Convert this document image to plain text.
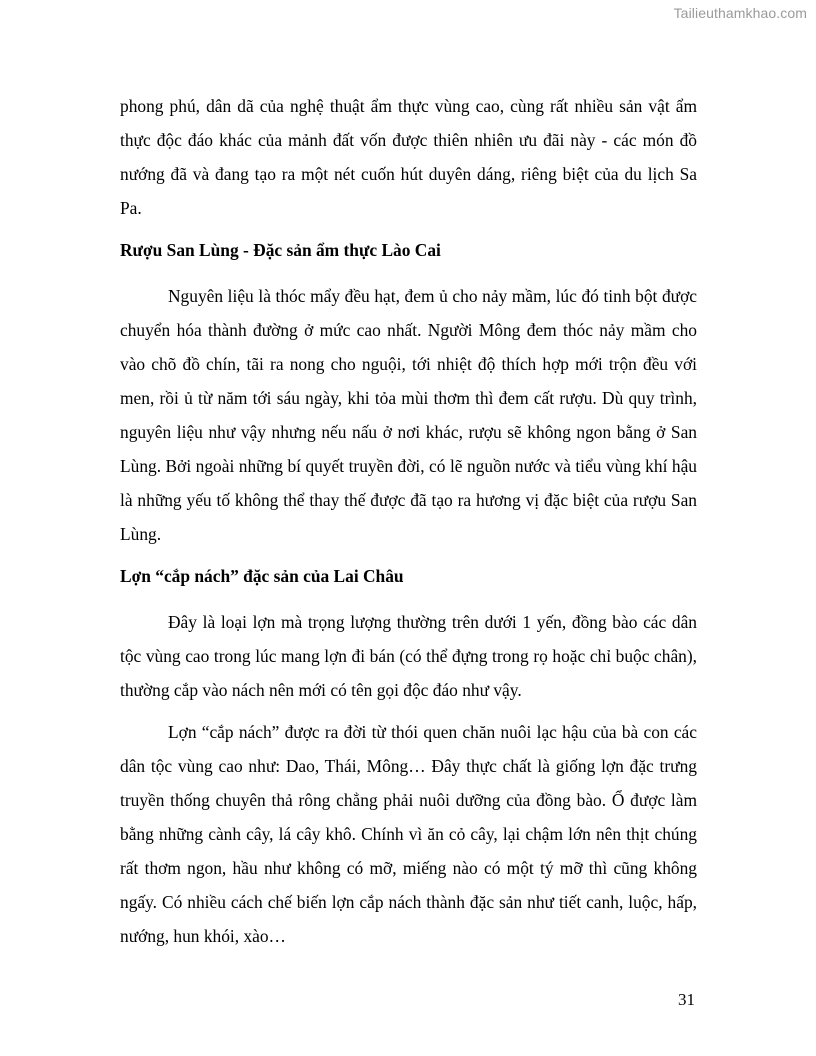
Tailieuthamkhao.com

phong phú, dân dã của nghệ thuật ẩm thực vùng cao, cùng rất nhiều sản vật ẩm thực độc đáo khác của mảnh đất vốn được thiên nhiên ưu đãi này - các món đồ nướng đã và đang tạo ra một nét cuốn hút duyên dáng, riêng biệt của du lịch Sa Pa.

Rượu San Lùng - Đặc sản ẩm thực Lào Cai

Nguyên liệu là thóc mẩy đều hạt, đem ủ cho nảy mầm, lúc đó tinh bột được chuyển hóa thành đường ở mức cao nhất. Người Mông đem thóc nảy mầm cho vào chõ đồ chín, tãi ra nong cho nguội, tới nhiệt độ thích hợp mới trộn đều với men, rồi ủ từ năm tới sáu ngày, khi tỏa mùi thơm thì đem cất rượu. Dù quy trình, nguyên liệu như vậy nhưng nếu nấu ở nơi khác, rượu sẽ không ngon bằng ở San Lùng. Bởi ngoài những bí quyết truyền đời, có lẽ nguồn nước và tiểu vùng khí hậu là những yếu tố không thể thay thế được đã tạo ra hương vị đặc biệt của rượu San Lùng.

Lợn “cắp nách” đặc sản của Lai Châu

Đây là loại lợn mà trọng lượng thường trên dưới 1 yến, đồng bào các dân tộc vùng cao trong lúc mang lợn đi bán (có thể đựng trong rọ hoặc chỉ buộc chân), thường cắp vào nách nên mới có tên gọi độc đáo như vậy.

Lợn “cắp nách” được ra đời từ thói quen chăn nuôi lạc hậu của bà con các dân tộc vùng cao như: Dao, Thái, Mông… Đây thực chất là giống lợn đặc trưng truyền thống chuyên thả rông chẳng phải nuôi dưỡng của đồng bào. Ổ được làm bằng những cành cây, lá cây khô. Chính vì ăn cỏ cây, lại chậm lớn nên thịt chúng rất thơm ngon, hầu như không có mỡ, miếng nào có một tý mỡ thì cũng không ngấy. Có nhiều cách chế biến lợn cắp nách thành đặc sản như tiết canh, luộc, hấp, nướng, hun khói, xào…

31
